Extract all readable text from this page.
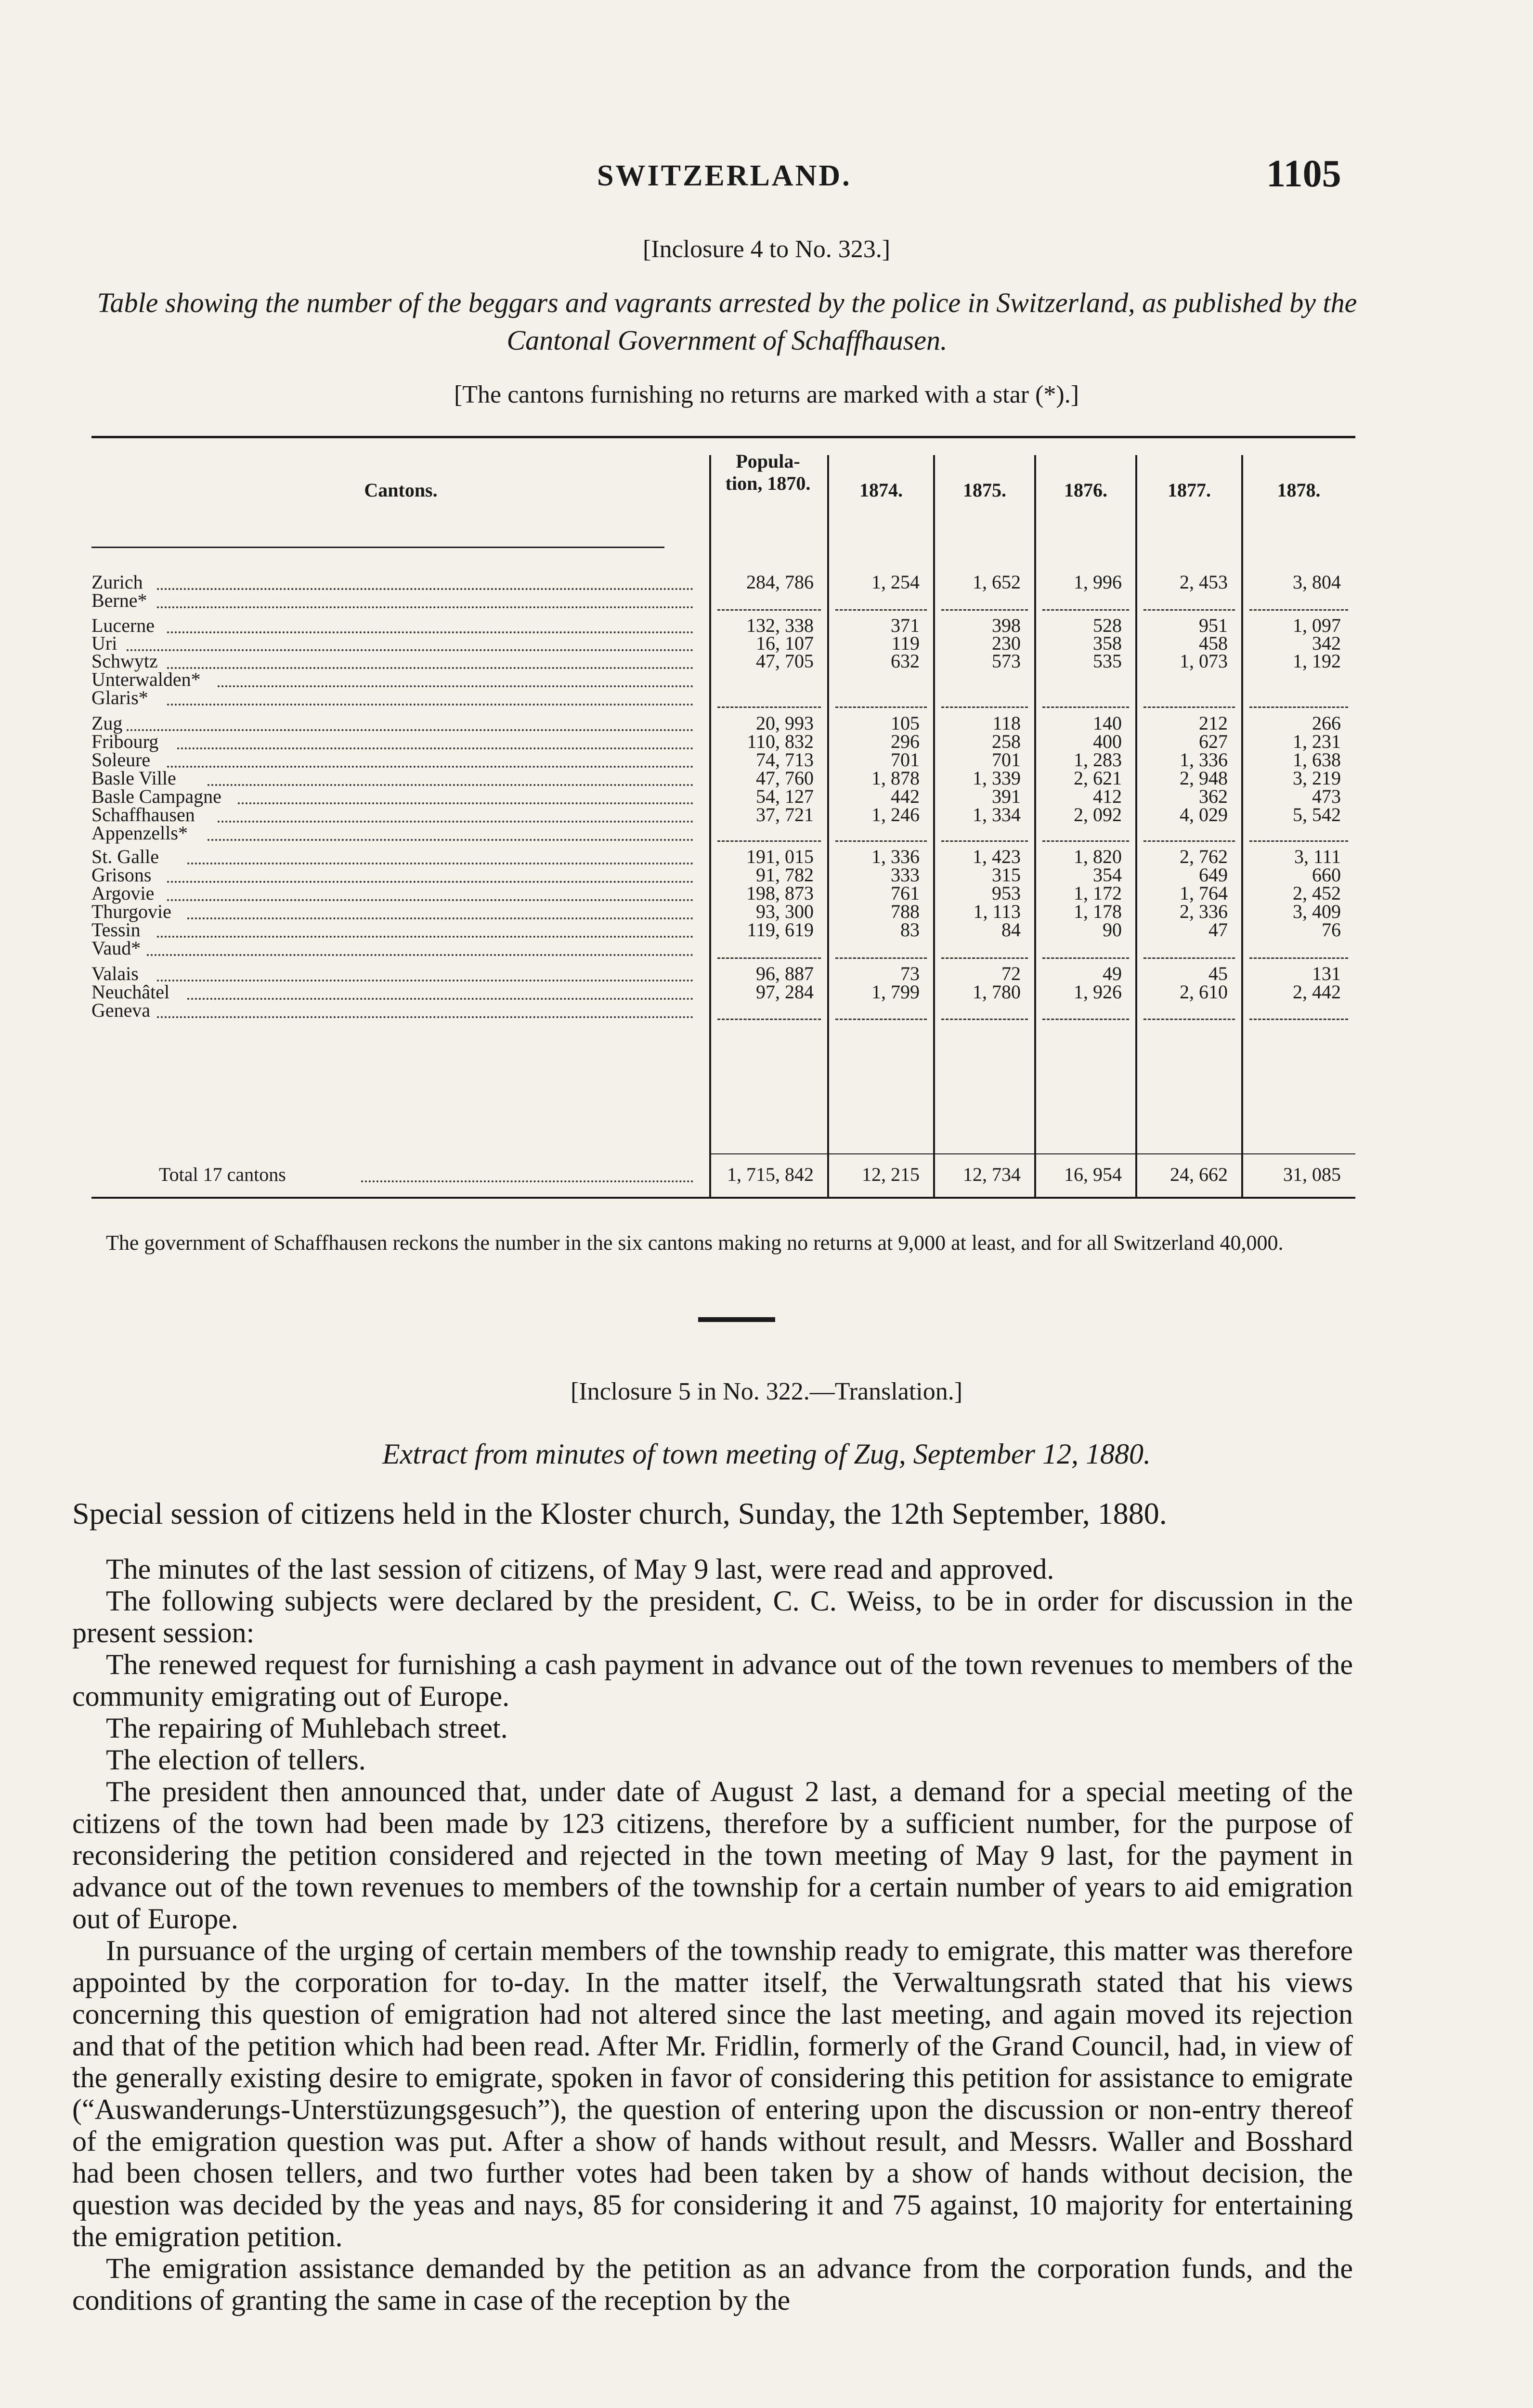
SWITZERLAND.	1105
[Inclosure 4 to No. 323.]
Table showing the number of the beggars and vagrants arrested by the police in Switzerland, as published by the Cantonal Government of Schaffhausen.
[The cantons furnishing no returns are marked with a star (*).]
Cantons.
Popula- tion, 1870.	1874.	1875.	1876.	1877.	1878.
Zurich	284, 786	1, 254	1, 652	1, 996	2, 453	3, 804
Berne*
Lucerne	132, 338	371	398	528	951	1, 097
Uri	16, 107	119	230	358	458	342
Schwytz	47, 705	632	573	535	1, 073	1, 192
Unterwalden*
Glaris*
Zug	20, 993	105	118	140	212	266
Fribourg	110, 832	296	258	400	627	1, 231
Soleure	74, 713	701	701	1, 283	1, 336	1, 638
Basle Ville	47, 760	1, 878	1, 339	2, 621	2, 948	3, 219
Basle Campagne	54, 127	442	391	412	362	473
Schaffhausen	37, 721	1, 246	1, 334	2, 092	4, 029	5, 542
Appenzells*
St. Galle	191, 015	1, 336	1, 423	1, 820	2, 762	3, 111
Grisons	91, 782	333	315	354	649	660
Argovie	198, 873	761	953	1, 172	1, 764	2, 452
Thurgovie	93, 300	788	1, 113	1, 178	2, 336	3, 409
Tessin	119, 619	83	84	90	47	76
Vaud*
Valais	96, 887	73	72	49	45	131
Neuchâtel	97, 284	1, 799	1, 780	1, 926	2, 610	2, 442
Geneva
Total 17 cantons	1, 715, 842	12, 215	12, 734	16, 954	24, 662	31, 085
The government of Schaffhausen reckons the number in the six cantons making no returns at 9,000 at least, and for all Switzerland 40,000.
[Inclosure 5 in No. 322.—Translation.]
Extract from minutes of town meeting of Zug, September 12, 1880.

Special session of citizens held in the Kloster church, Sunday, the 12th September, 1880.

The minutes of the last session of citizens, of May 9 last, were read and approved.

The following subjects were declared by the president, C. C. Weiss, to be in order for discussion in the present session:

The renewed request for furnishing a cash payment in advance out of the town revenues to members of the community emigrating out of Europe.

The repairing of Muhlebach street.

The election of tellers.

The president then announced that, under date of August 2 last, a demand for a special meeting of the citizens of the town had been made by 123 citizens, therefore by a sufficient number, for the purpose of reconsidering the petition considered and rejected in the town meeting of May 9 last, for the payment in advance out of the town revenues to members of the township for a certain number of years to aid emigration out of Europe.

In pursuance of the urging of certain members of the township ready to emigrate, this matter was therefore appointed by the corporation for to-day. In the matter itself, the Verwaltungsrath stated that his views concerning this question of emigration had not altered since the last meeting, and again moved its rejection and that of the petition which had been read. After Mr. Fridlin, formerly of the Grand Council, had, in view of the generally existing desire to emigrate, spoken in favor of considering this petition for assistance to emigrate (“Auswanderungs-Unterstüzungsgesuch”), the question of entering upon the discussion or non-entry thereof of the emigration question was put. After a show of hands without result, and Messrs. Waller and Bosshard had been chosen tellers, and two further votes had been taken by a show of hands without decision, the question was decided by the yeas and nays, 85 for considering it and 75 against, 10 majority for entertaining the emigration petition.

The emigration assistance demanded by the petition as an advance from the corporation funds, and the conditions of granting the same in case of the reception by the
